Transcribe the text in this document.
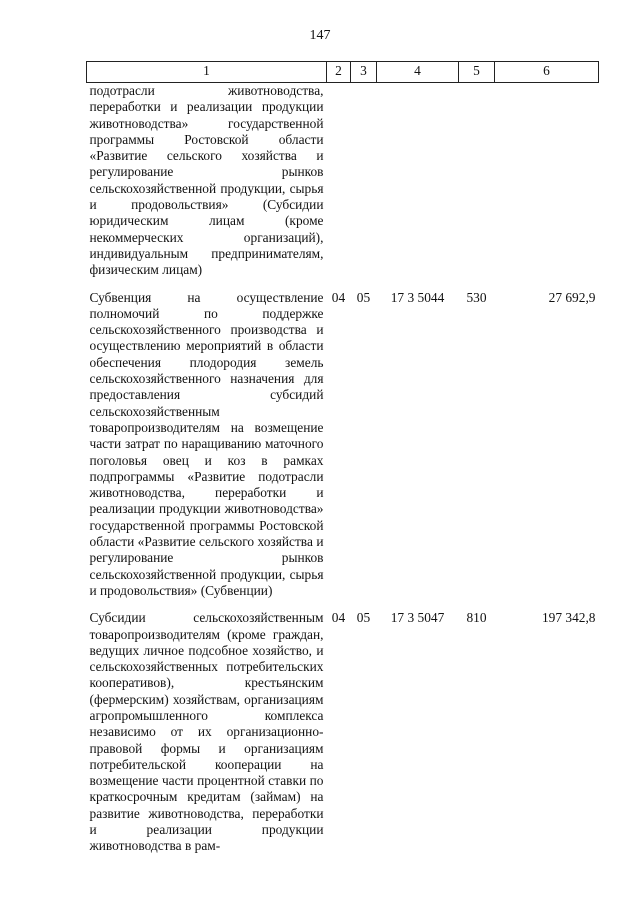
147
1	2	3	4	5	6
подотрасли животноводства, переработки и реализации продукции животноводства» государственной программы Ростовской области «Развитие сельского хозяйства и регулирование рынков сельскохозяйственной продукции, сырья и продовольствия» (Субсидии юридическим лицам (кроме некоммерческих организаций), индивидуальным предпринимателям, физическим лицам)					
Субвенция на осуществление полномочий по поддержке сельскохозяйственного производства и осуществлению мероприятий в области обеспечения плодородия земель сельскохозяйственного назначения для предоставления субсидий сельскохозяйственным товаропроизводителям на возмещение части затрат по наращиванию маточного поголовья овец и коз в рамках подпрограммы «Развитие подотрасли животноводства, переработки и реализации продукции животноводства» государственной программы Ростовской области «Развитие сельского хозяйства и регулирование рынков сельскохозяйственной продукции, сырья и продовольствия» (Субвенции)	04	05	17 3 5044	530	27 692,9
Субсидии сельскохозяйственным товаропроизводителям (кроме граждан, ведущих личное подсобное хозяйство, и сельскохозяйственных потребительских кооперативов), крестьянским (фермерским) хозяйствам, организациям агропромышленного комплекса независимо от их организационно-правовой формы и организациям потребительской кооперации на возмещение части процентной ставки по краткосрочным кредитам (займам) на развитие животноводства, переработки и реализации продукции животноводства в рам-	04	05	17 3 5047	810	197 342,8
